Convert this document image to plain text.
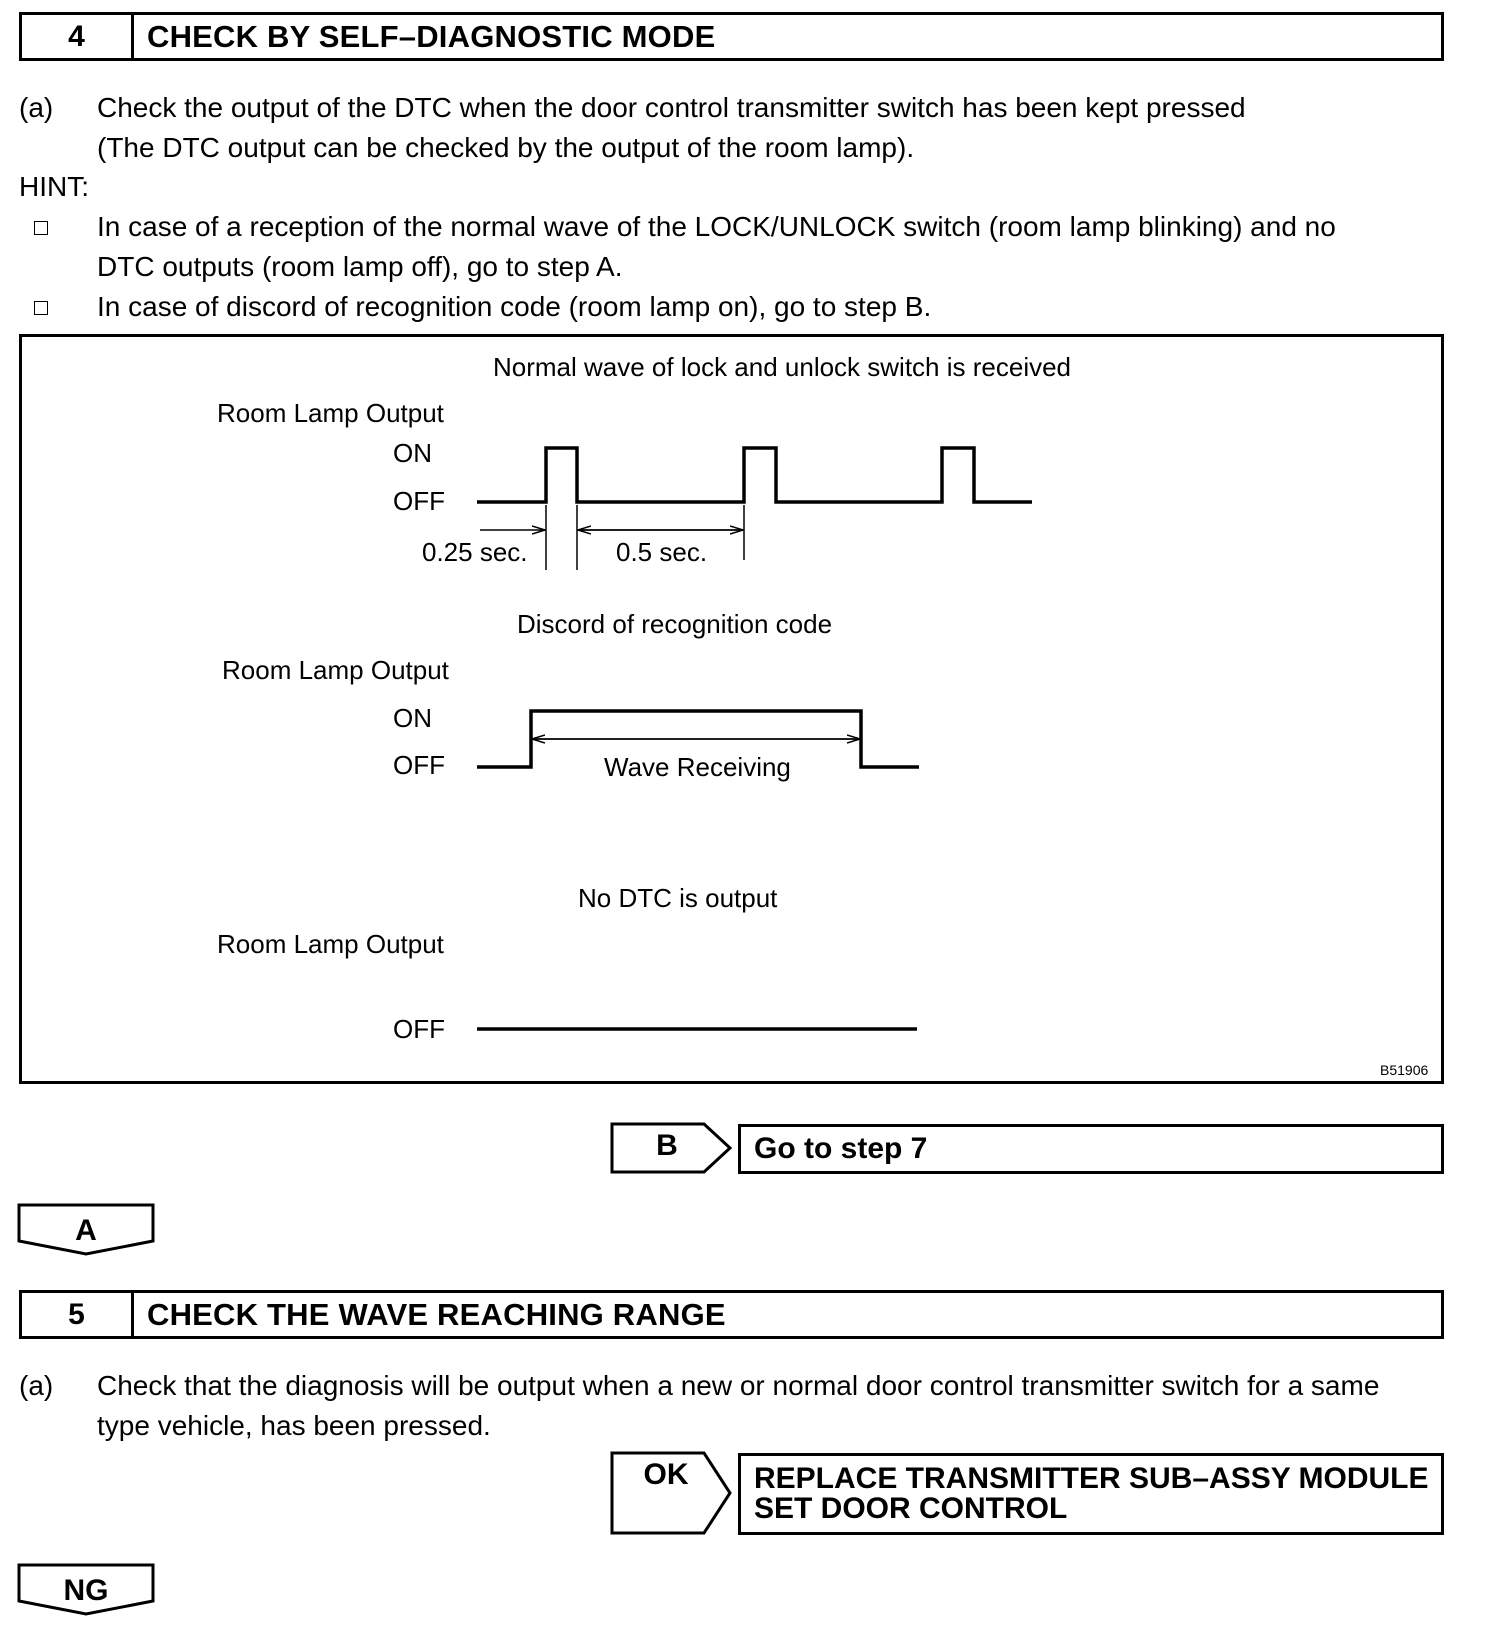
4	CHECK BY SELF–DIAGNOSTIC MODE
(a) Check the output of the DTC when the door control transmitter switch has been kept pressed
(The DTC output can be checked by the output of the room lamp).
HINT:
In case of a reception of the normal wave of the LOCK/UNLOCK switch (room lamp blinking) and no
DTC outputs (room lamp off), go to step A.
In case of discord of recognition code (room lamp on), go to step B.
Normal wave of lock and unlock switch is received
Room Lamp Output
ON
OFF
0.25 sec.	0.5 sec.
Discord of recognition code
Room Lamp Output
ON
OFF	Wave Receiving
No DTC is output
Room Lamp Output
OFF
B51906
B	Go to step 7
A
5	CHECK THE WAVE REACHING RANGE
(a) Check that the diagnosis will be output when a new or normal door control transmitter switch for a same
type vehicle, has been pressed.
OK	REPLACE TRANSMITTER SUB–ASSY MODULE
SET DOOR CONTROL
NG
